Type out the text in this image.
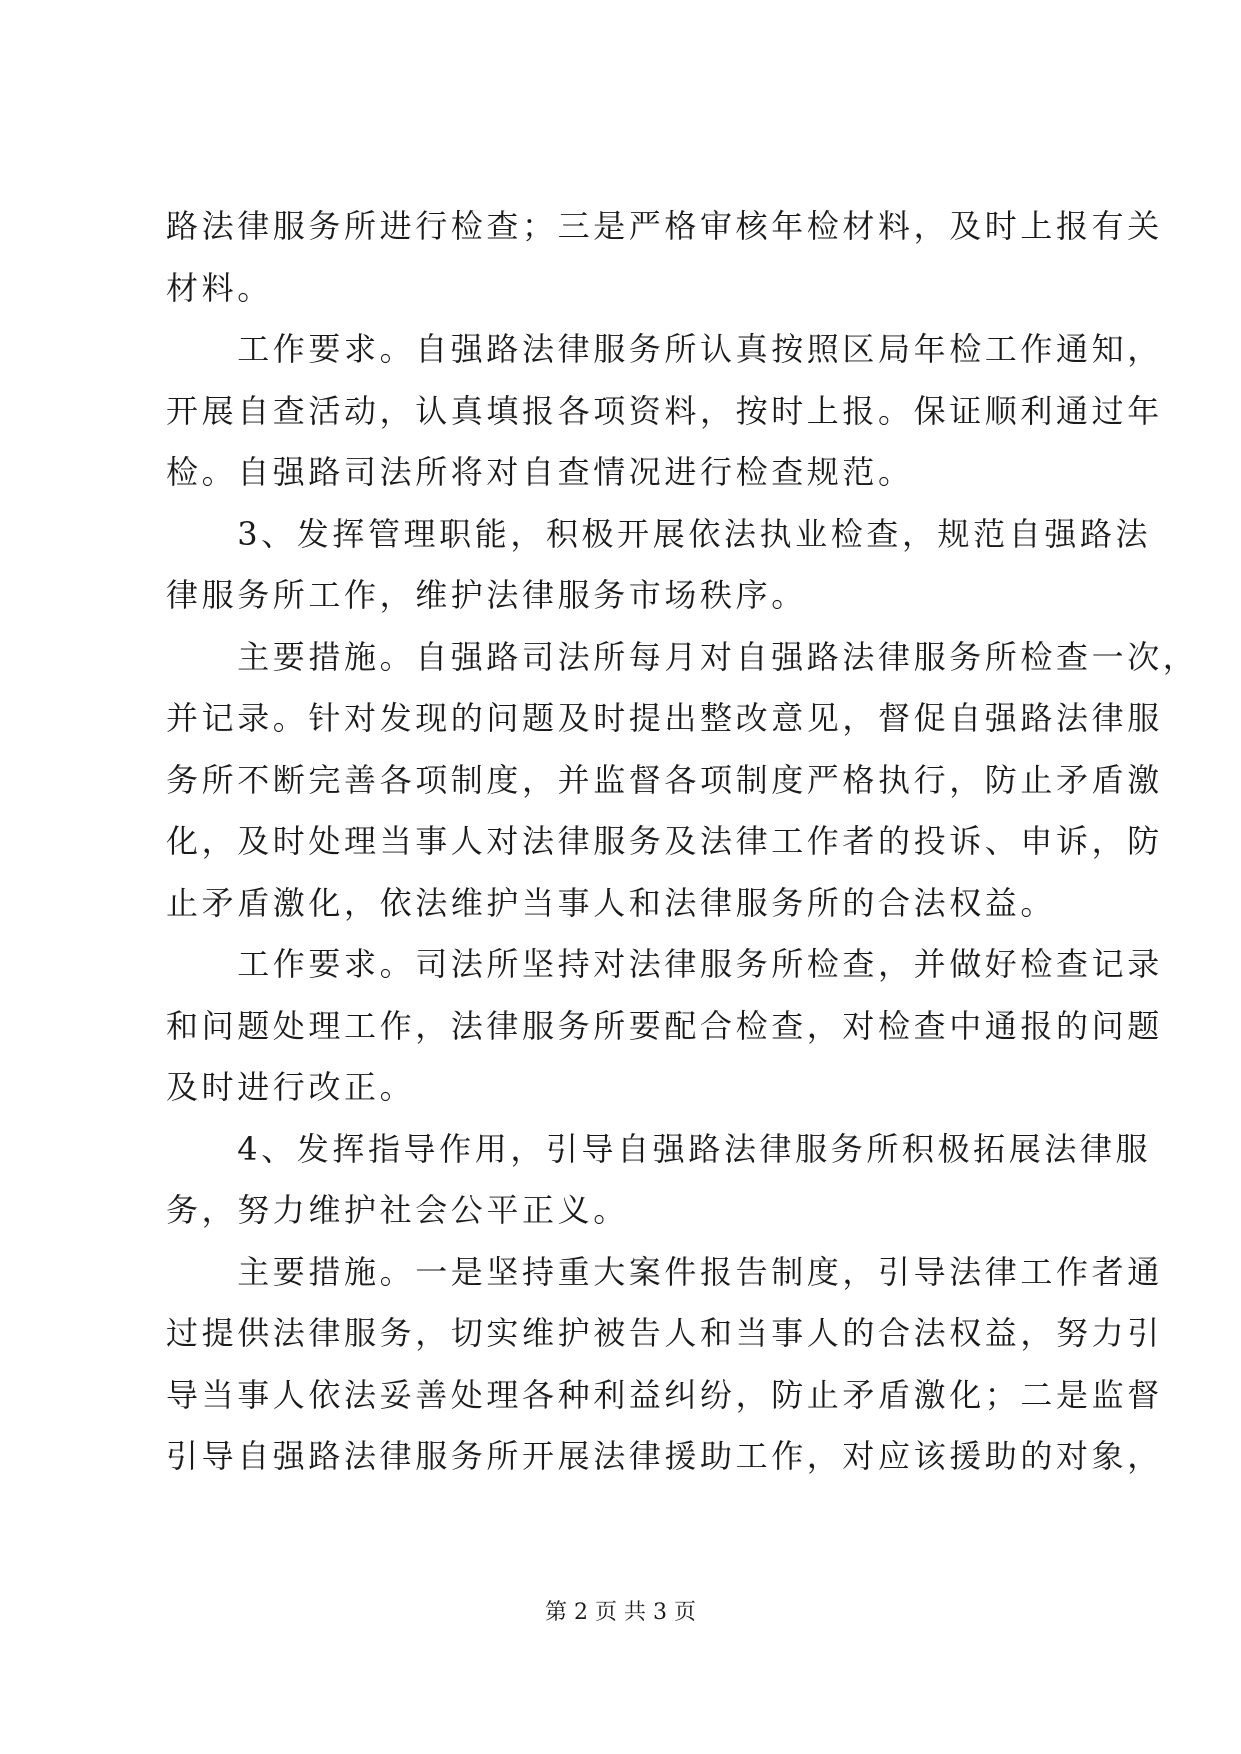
路法律服务所进行检查；三是严格审核年检材料，及时上报有关
材料。
　　工作要求。自强路法律服务所认真按照区局年检工作通知，
开展自查活动，认真填报各项资料，按时上报。保证顺利通过年
检。自强路司法所将对自查情况进行检查规范。
　　3、发挥管理职能，积极开展依法执业检查，规范自强路法
律服务所工作，维护法律服务市场秩序。
　　主要措施。自强路司法所每月对自强路法律服务所检查一次，
并记录。针对发现的问题及时提出整改意见，督促自强路法律服
务所不断完善各项制度，并监督各项制度严格执行，防止矛盾激
化，及时处理当事人对法律服务及法律工作者的投诉、申诉，防
止矛盾激化，依法维护当事人和法律服务所的合法权益。
　　工作要求。司法所坚持对法律服务所检查，并做好检查记录
和问题处理工作，法律服务所要配合检查，对检查中通报的问题
及时进行改正。
　　4、发挥指导作用，引导自强路法律服务所积极拓展法律服
务，努力维护社会公平正义。
　　主要措施。一是坚持重大案件报告制度，引导法律工作者通
过提供法律服务，切实维护被告人和当事人的合法权益，努力引
导当事人依法妥善处理各种利益纠纷，防止矛盾激化；二是监督
引导自强路法律服务所开展法律援助工作，对应该援助的对象，
第 2 页 共 3 页
